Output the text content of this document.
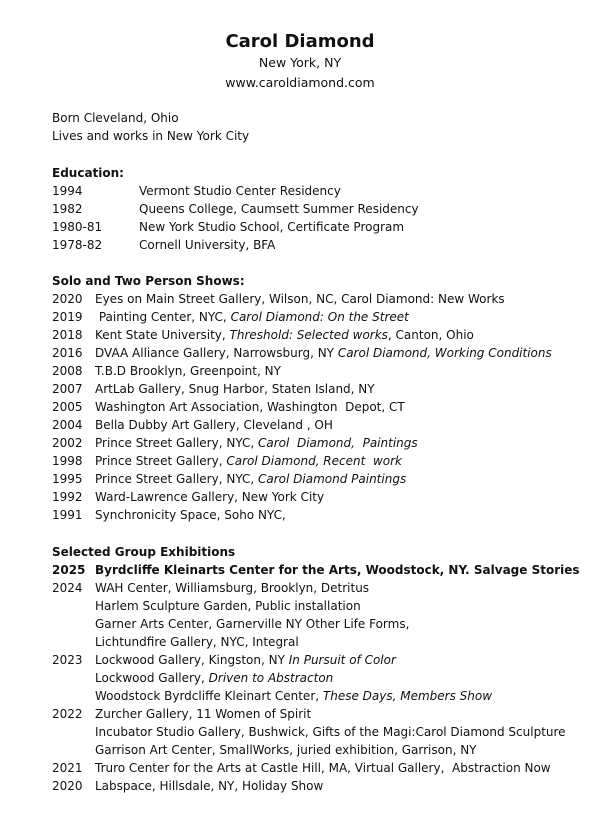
Carol Diamond
New York, NY
www.caroldiamond.com
Born Cleveland, Ohio
Lives and works in New York City
Education:
1994	Vermont Studio Center Residency
1982	Queens College, Caumsett Summer Residency
1980-81	New York Studio School, Certificate Program
1978-82	Cornell University, BFA
Solo and Two Person Shows:
2020 Eyes on Main Street Gallery, Wilson, NC, Carol Diamond: New Works
2019 Painting Center, NYC, Carol Diamond: On the Street
2018 Kent State University, Threshold: Selected works, Canton, Ohio
2016 DVAA Alliance Gallery, Narrowsburg, NY Carol Diamond, Working Conditions
2008 T.B.D Brooklyn, Greenpoint, NY
2007 ArtLab Gallery, Snug Harbor, Staten Island, NY
2005 Washington Art Association, Washington  Depot, CT
2004 Bella Dubby Art Gallery, Cleveland , OH
2002 Prince Street Gallery, NYC, Carol  Diamond,  Paintings
1998 Prince Street Gallery, Carol Diamond, Recent  work
1995 Prince Street Gallery, NYC, Carol Diamond Paintings
1992 Ward-Lawrence Gallery, New York City
1991 Synchronicity Space, Soho NYC,
Selected Group Exhibitions
2025 Byrdcliffe Kleinarts Center for the Arts, Woodstock, NY. Salvage Stories
2024 WAH Center, Williamsburg, Brooklyn, Detritus
Harlem Sculpture Garden, Public installation
Garner Arts Center, Garnerville NY Other Life Forms,
Lichtundfire Gallery, NYC, Integral
2023 Lockwood Gallery, Kingston, NY In Pursuit of Color
Lockwood Gallery, Driven to Abstracton
Woodstock Byrdcliffe Kleinart Center, These Days, Members Show
2022 Zurcher Gallery, 11 Women of Spirit
Incubator Studio Gallery, Bushwick, Gifts of the Magi:Carol Diamond Sculpture
Garrison Art Center, SmallWorks, juried exhibition, Garrison, NY
2021 Truro Center for the Arts at Castle Hill, MA, Virtual Gallery,  Abstraction Now
2020 Labspace, Hillsdale, NY, Holiday Show
